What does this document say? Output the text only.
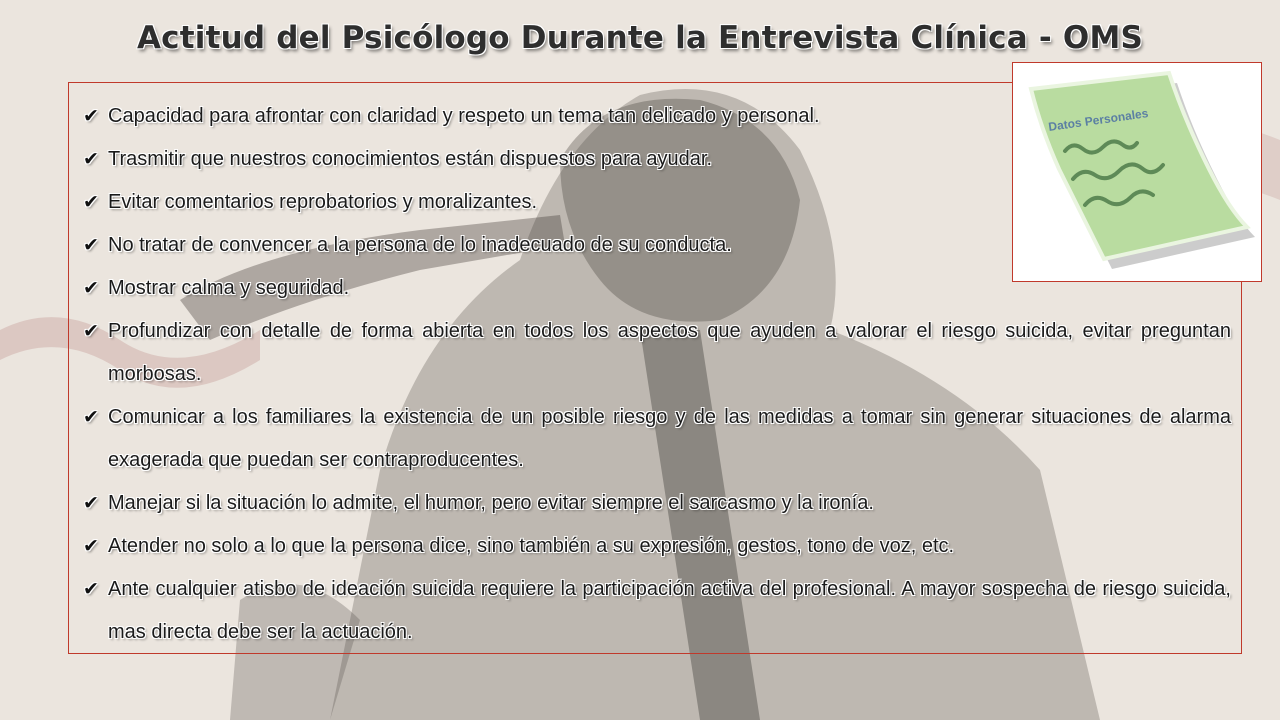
Actitud del Psicólogo Durante la Entrevista Clínica - OMS
✔ Capacidad para afrontar con claridad y respeto un tema tan delicado y personal.
✔ Trasmitir que nuestros conocimientos están dispuestos para ayudar.
✔ Evitar comentarios reprobatorios y moralizantes.
✔ No tratar de convencer a la persona de lo inadecuado de su conducta.
✔ Mostrar calma y seguridad.
✔ Profundizar con detalle de forma abierta en todos los aspectos que ayuden a valorar el riesgo suicida, evitar preguntan morbosas.
✔ Comunicar a los familiares la existencia de un posible riesgo y de las medidas a tomar sin generar situaciones de alarma exagerada que puedan ser contraproducentes.
✔ Manejar si la situación lo admite, el humor, pero evitar siempre el sarcasmo y la ironía.
✔ Atender no solo a lo que la persona dice, sino también a su expresión, gestos, tono de voz, etc.
✔ Ante cualquier atisbo de ideación suicida requiere la participación activa del profesional. A mayor sospecha de riesgo suicida, mas directa debe ser la actuación.
Datos Personales
